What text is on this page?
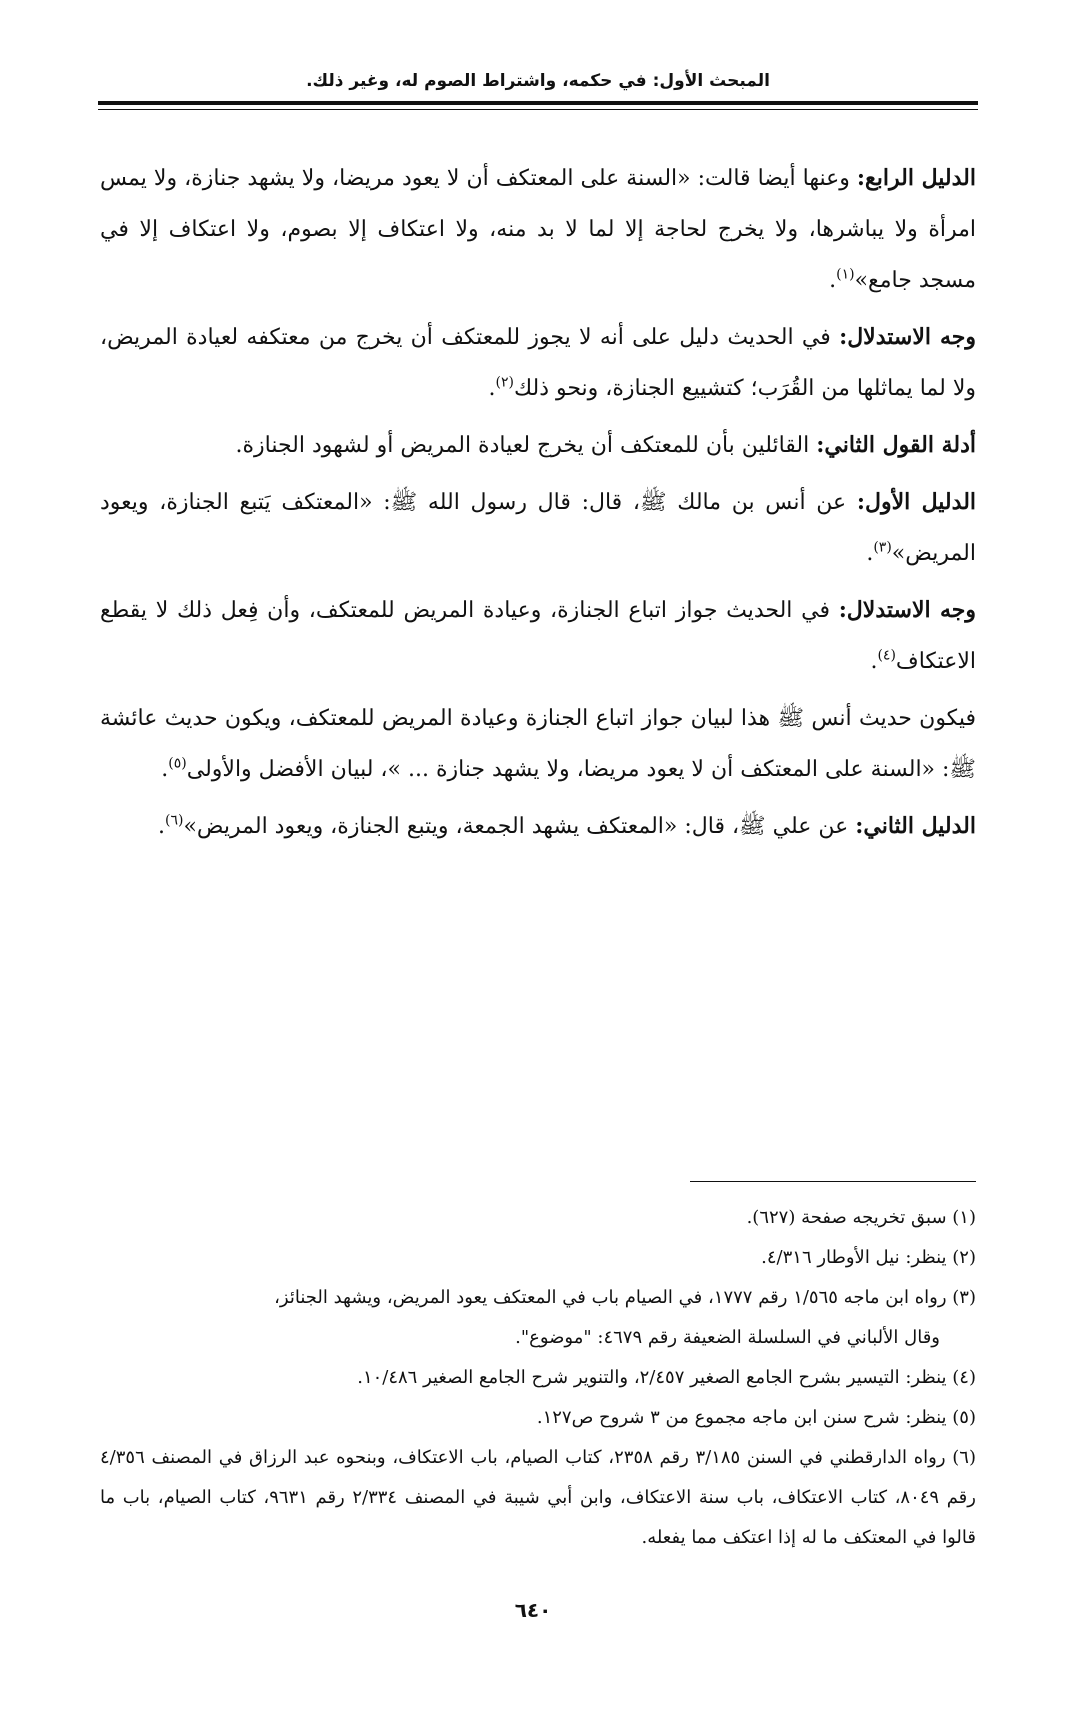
المبحث الأول: في حكمه، واشتراط الصوم له، وغير ذلك.

الدليل الرابع: وعنها أيضا قالت: «السنة على المعتكف أن لا يعود مريضا، ولا يشهد جنازة، ولا يمس امرأة ولا يباشرها، ولا يخرج لحاجة إلا لما لا بد منه، ولا اعتكاف إلا بصوم، ولا اعتكاف إلا في مسجد جامع»$^{(١)}$.

وجه الاستدلال: في الحديث دليل على أنه لا يجوز للمعتكف أن يخرج من معتكفه لعيادة المريض، ولا لما يماثلها من القُرَب؛ كتشييع الجنازة، ونحو ذلك$^{(٢)}$.

أدلة القول الثاني: القائلين بأن للمعتكف أن يخرج لعيادة المريض أو لشهود الجنازة.

الدليل الأول: عن أنس بن مالك ﷺ، قال: قال رسول الله ﷺ: «المعتكف يَتبع الجنازة، ويعود المريض»$^{(٣)}$.

وجه الاستدلال: في الحديث جواز اتباع الجنازة، وعيادة المريض للمعتكف، وأن فِعل ذلك لا يقطع الاعتكاف$^{(٤)}$.

فيكون حديث أنس ﷺ هذا لبيان جواز اتباع الجنازة وعيادة المريض للمعتكف، ويكون حديث عائشة ﷺ: «السنة على المعتكف أن لا يعود مريضا، ولا يشهد جنازة ... »، لبيان الأفضل والأولى$^{(٥)}$.

الدليل الثاني: عن علي ﷺ، قال: «المعتكف يشهد الجمعة، ويتبع الجنازة، ويعود المريض»$^{(٦)}$.

(١) سبق تخريجه صفحة (٦٢٧).

(٢) ينظر: نيل الأوطار ٤/٣١٦.

(٣) رواه ابن ماجه ١/٥٦٥ رقم ١٧٧٧، في الصيام باب في المعتكف يعود المريض، ويشهد الجنائز،

وقال الألباني في السلسلة الضعيفة رقم ٤٦٧٩: "موضوع".

(٤) ينظر: التيسير بشرح الجامع الصغير ٢/٤٥٧، والتنوير شرح الجامع الصغير ١٠/٤٨٦.

(٥) ينظر: شرح سنن ابن ماجه مجموع من ٣ شروح ص١٢٧.

(٦) رواه الدارقطني في السنن ٣/١٨٥ رقم ٢٣٥٨، كتاب الصيام، باب الاعتكاف، وبنحوه عبد الرزاق في المصنف ٤/٣٥٦ رقم ٨٠٤٩، كتاب الاعتكاف، باب سنة الاعتكاف، وابن أبي شيبة في المصنف ٢/٣٣٤ رقم ٩٦٣١، كتاب الصيام، باب ما قالوا في المعتكف ما له إذا اعتكف مما يفعله.

٦٤٠
